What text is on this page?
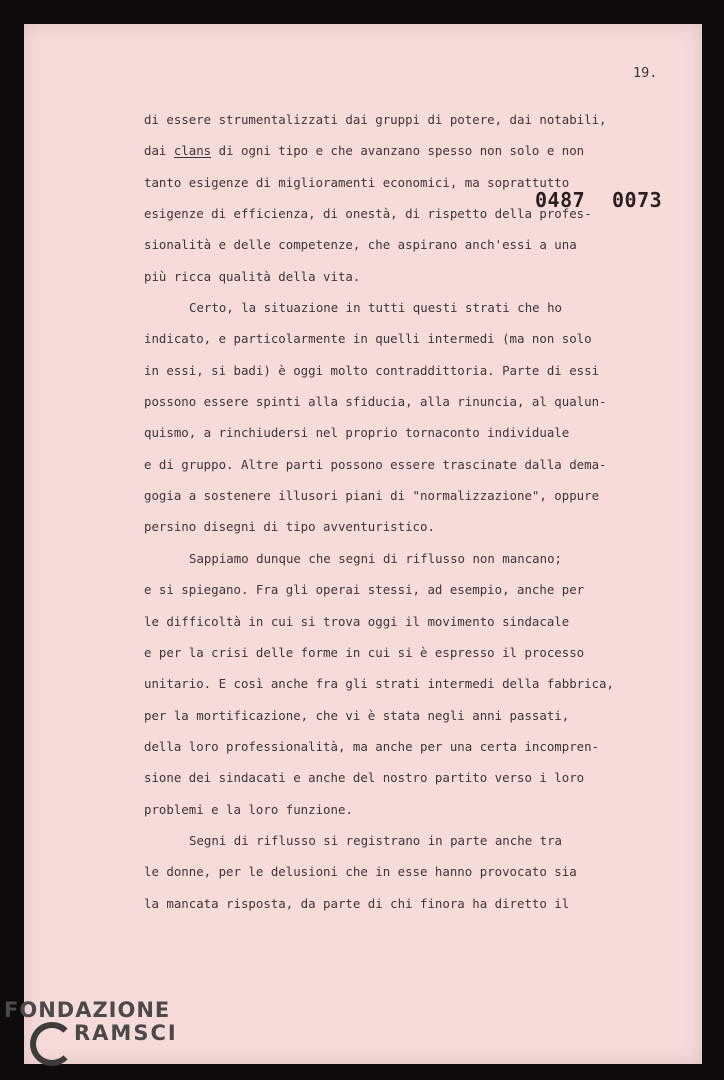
19.
0487 0073
di essere strumentalizzati dai gruppi di potere, dai notabili,
dai clans di ogni tipo e che avanzano spesso non solo e non
tanto esigenze di miglioramenti economici, ma soprattutto
esigenze di efficienza, di onestà, di rispetto della profes-
sionalità e delle competenze, che aspirano anch'essi a una
più ricca qualità della vita.
Certo, la situazione in tutti questi strati che ho
indicato, e particolarmente in quelli intermedi (ma non solo
in essi, si badi) è oggi molto contraddittoria. Parte di essi
possono essere spinti alla sfiducia, alla rinuncia, al qualun-
quismo, a rinchiudersi nel proprio tornaconto individuale
e di gruppo. Altre parti possono essere trascinate dalla dema-
gogia a sostenere illusori piani di "normalizzazione", oppure
persino disegni di tipo avventuristico.
Sappiamo dunque che segni di riflusso non mancano;
e si spiegano. Fra gli operai stessi, ad esempio, anche per
le difficoltà in cui si trova oggi il movimento sindacale
e per la crisi delle forme in cui si è espresso il processo
unitario. E così anche fra gli strati intermedi della fabbrica,
per la mortificazione, che vi è stata negli anni passati,
della loro professionalità, ma anche per una certa incompren-
sione dei sindacati e anche del nostro partito verso i loro
problemi e la loro funzione.
Segni di riflusso si registrano in parte anche tra
le donne, per le delusioni che in esse hanno provocato sia
la mancata risposta, da parte di chi finora ha diretto il
FONDAZIONE
RAMSCI
